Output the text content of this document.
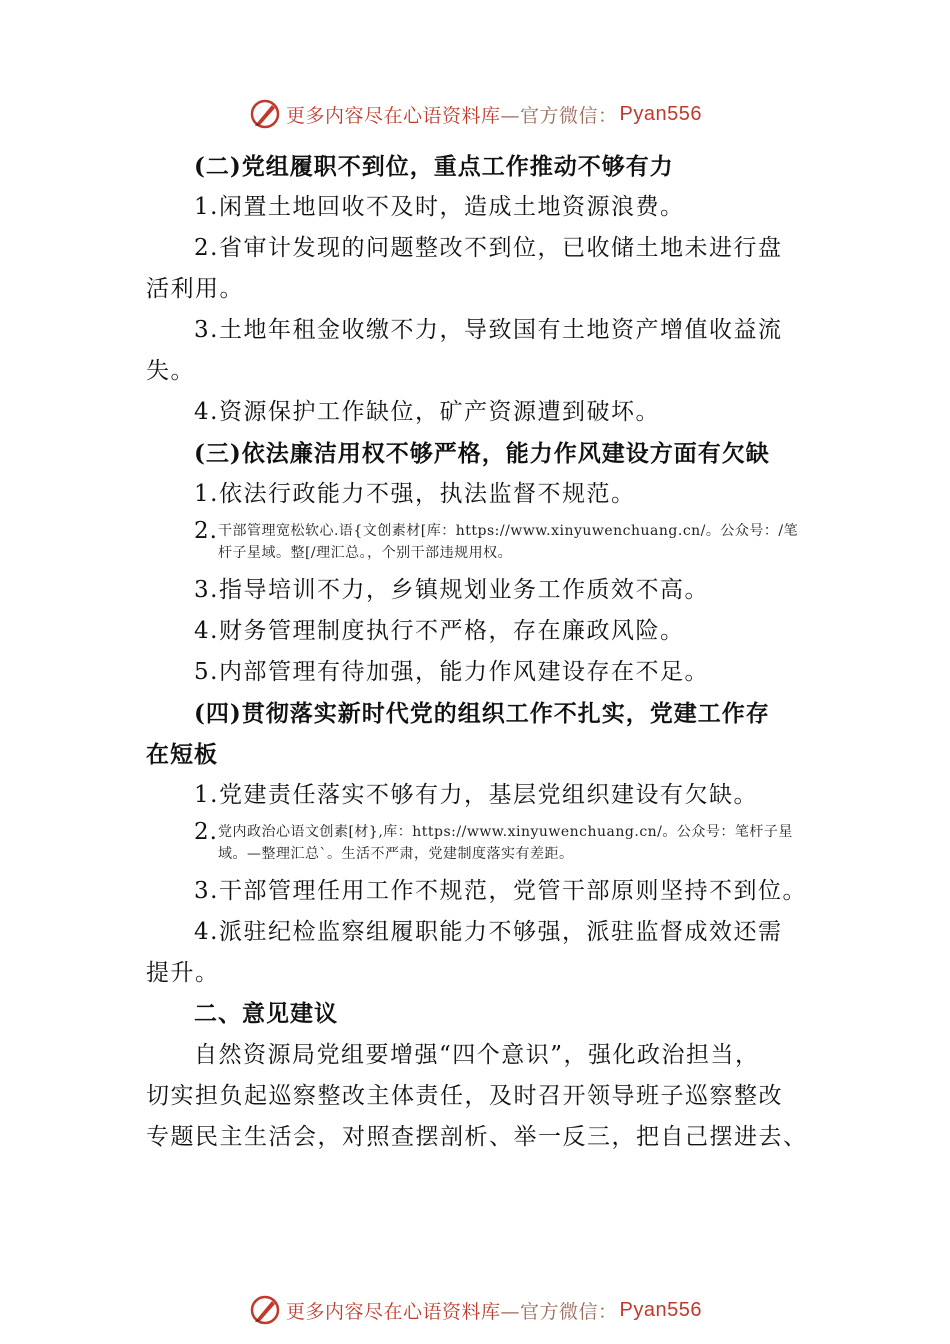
更多内容尽在心语资料库 —官方微信： Pyan556
(二)党组履职不到位，重点工作推动不够有力
1.闲置土地回收不及时，造成土地资源浪费。
2.省审计发现的问题整改不到位，已收储土地未进行盘
活利用。
3.土地年租金收缴不力，导致国有土地资产增值收益流
失。
4.资源保护工作缺位，矿产资源遭到破坏。
(三)依法廉洁用权不够严格，能力作风建设方面有欠缺
1.依法行政能力不强，执法监督不规范。
2. 干部管理宽松软心.语{文创素材[库：https://www.xinyuwenchuang.cn/。公众号：/笔杆子星域。整[/理汇总。，个别干部违规用权。
3.指导培训不力，乡镇规划业务工作质效不高。
4.财务管理制度执行不严格，存在廉政风险。
5.内部管理有待加强，能力作风建设存在不足。
(四)贯彻落实新时代党的组织工作不扎实，党建工作存
在短板
1.党建责任落实不够有力，基层党组织建设有欠缺。
2. 党内政治心语文创素[材},库：https://www.xinyuwenchuang.cn/。公众号：笔杆子星域。—整理汇总`。生活不严肃，党建制度落实有差距。
3.干部管理任用工作不规范，党管干部原则坚持不到位。
4.派驻纪检监察组履职能力不够强，派驻监督成效还需
提升。
二、意见建议
自然资源局党组要增强“四个意识”，强化政治担当，
切实担负起巡察整改主体责任，及时召开领导班子巡察整改
专题民主生活会，对照查摆剖析、举一反三，把自己摆进去、
更多内容尽在心语资料库 —官方微信： Pyan556
